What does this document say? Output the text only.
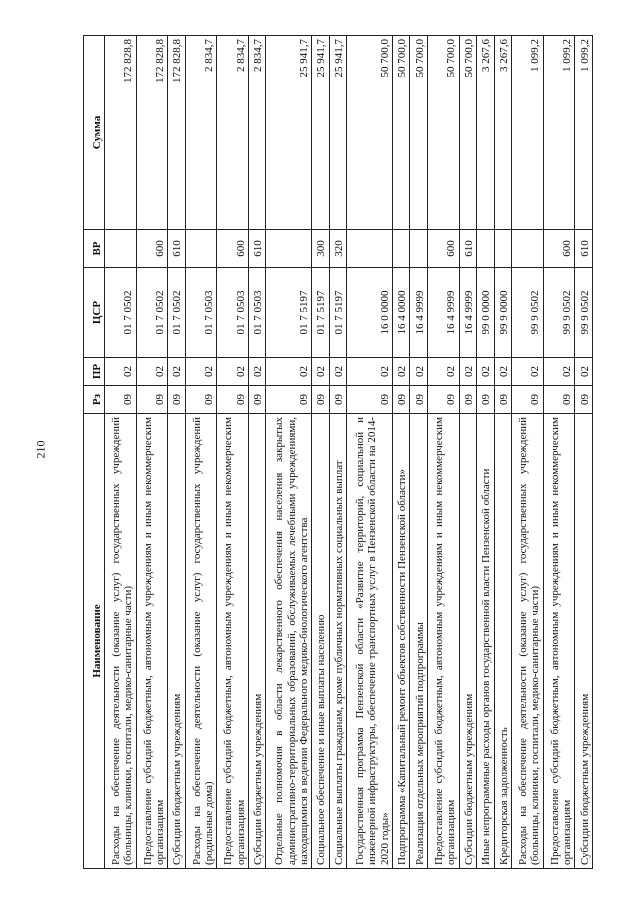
210
Наименование	Рз	ПР	ЦСР	ВР	Сумма
Расходы на обеспечение деятельности (оказание услуг) государственных учреждений (больницы, клиники, госпитали, медико-санитарные части)	09	02	01 7 0502		172 828,8
Предоставление субсидий бюджетным, автономным учреждениям и иным некоммерческим организациям	09	02	01 7 0502	600	172 828,8
Субсидии бюджетным учреждениям	09	02	01 7 0502	610	172 828,8
Расходы на обеспечение деятельности (оказание услуг) государственных учреждений (родильные дома)	09	02	01 7 0503		2 834,7
Предоставление субсидий бюджетным, автономным учреждениям и иным некоммерческим организациям	09	02	01 7 0503	600	2 834,7
Субсидии бюджетным учреждениям	09	02	01 7 0503	610	2 834,7
Отдельные полномочия в области лекарственного обеспечения населения закрытых административно-территориальных образований, обслуживаемых лечебными учреждениями, находящимися в ведении Федерального медико-биологического агентства	09	02	01 7 5197		25 941,7
Социальное обеспечение и иные выплаты населению	09	02	01 7 5197	300	25 941,7
Социальные выплаты гражданам, кроме публичных нормативных социальных выплат	09	02	01 7 5197	320	25 941,7
Государственная программа Пензенской области «Развитие территорий, социальной и инженерной инфраструктуры, обеспечение транспортных услуг в Пензенской области на 2014-2020 годы»	09	02	16 0 0000		50 700,0
Подпрограмма «Капитальный ремонт объектов собственности Пензенской области»	09	02	16 4 0000		50 700,0
Реализация отдельных мероприятий подпрограммы	09	02	16 4 9999		50 700,0
Предоставление субсидий бюджетным, автономным учреждениям и иным некоммерческим организациям	09	02	16 4 9999	600	50 700,0
Субсидии бюджетным учреждениям	09	02	16 4 9999	610	50 700,0
Иные непрограммные расходы органов государственной власти Пензенской области	09	02	99 0 0000		3 267,6
Кредиторская задолженность	09	02	99 9 0000		3 267,6
Расходы на обеспечение деятельности (оказание услуг) государственных учреждений (больницы, клиники, госпитали, медико-санитарные части)	09	02	99 9 0502		1 099,2
Предоставление субсидий бюджетным, автономным учреждениям и иным некоммерческим организациям	09	02	99 9 0502	600	1 099,2
Субсидии бюджетным учреждениям	09	02	99 9 0502	610	1 099,2
